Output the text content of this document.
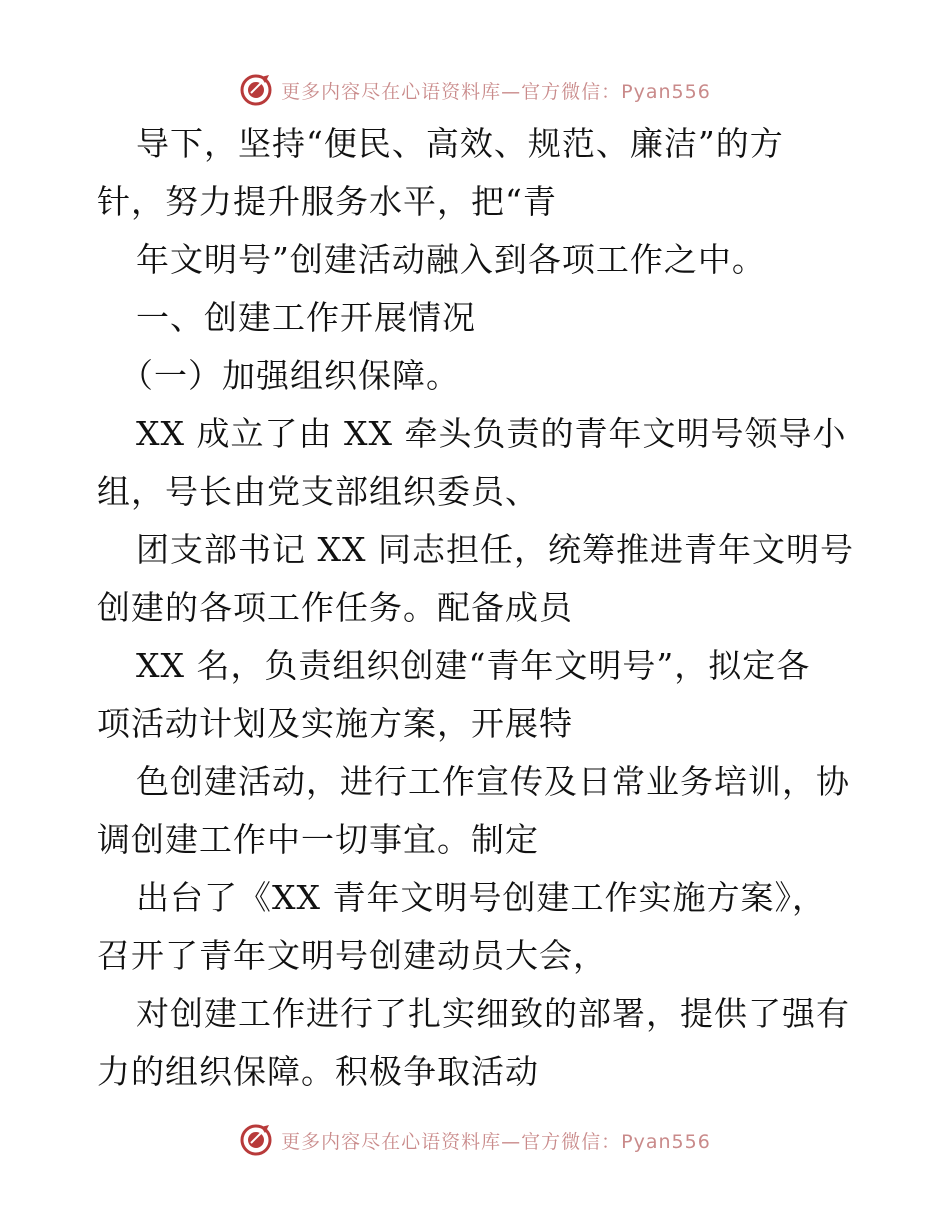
更多内容尽在心语资料库—官方微信：Pyan556
导下，坚持“便民、高效、规范、廉洁”的方
针，努力提升服务水平，把“青
年文明号”创建活动融入到各项工作之中。
一、创建工作开展情况
（一）加强组织保障。
XX 成立了由 XX 牵头负责的青年文明号领导小
组，号长由党支部组织委员、
团支部书记 XX 同志担任，统筹推进青年文明号
创建的各项工作任务。配备成员
XX 名，负责组织创建“青年文明号”，拟定各
项活动计划及实施方案，开展特
色创建活动，进行工作宣传及日常业务培训，协
调创建工作中一切事宜。制定
出台了《XX 青年文明号创建工作实施方案》，
召开了青年文明号创建动员大会，
对创建工作进行了扎实细致的部署，提供了强有
力的组织保障。积极争取活动
更多内容尽在心语资料库—官方微信：Pyan556
